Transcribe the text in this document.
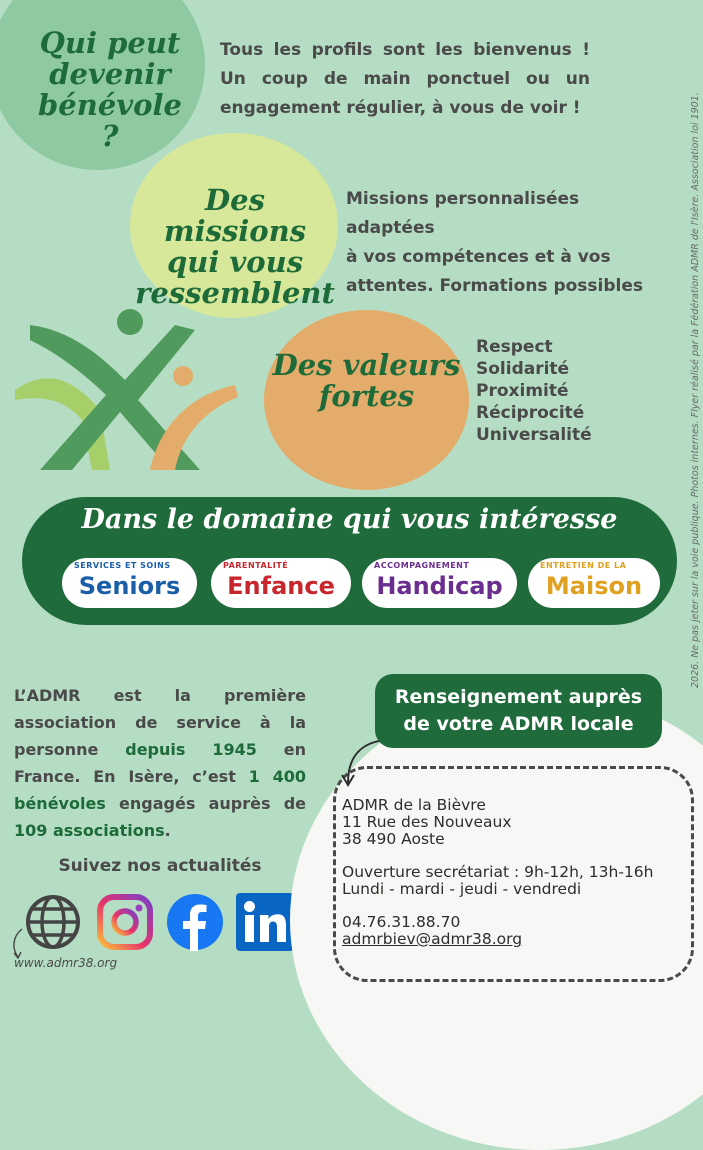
Qui peut
devenir
bénévole ?
Tous les profils sont les bienvenus !
Un coup de main ponctuel ou un
engagement régulier, à vous de voir !
Des missions
qui vous
ressemblent
Missions personnalisées adaptées
à vos compétences et à vos
attentes. Formations possibles
Des valeurs
fortes
Respect
Solidarité
Proximité
Réciprocité
Universalité
Dans le domaine qui vous intéresse
SERVICES ET SOINS
Seniors
PARENTALITÉ
Enfance
ACCOMPAGNEMENT
Handicap
ENTRETIEN DE LA
Maison
L’ADMR est la première association de service à la personne depuis 1945 en France. En Isère, c’est 1 400 bénévoles engagés auprès de 109 associations.
Suivez nos actualités
www.admr38.org
Renseignement auprès
de votre ADMR locale
ADMR de la Bièvre
11 Rue des Nouveaux
38 490 Aoste
Ouverture secrétariat : 9h-12h, 13h-16h
Lundi - mardi - jeudi - vendredi
04.76.31.88.70
admrbiev@admr38.org
2026. Ne pas jeter sur la voie publique. Photos internes. Flyer réalisé par la Fédération ADMR de l'Isère. Association loi 1901.
